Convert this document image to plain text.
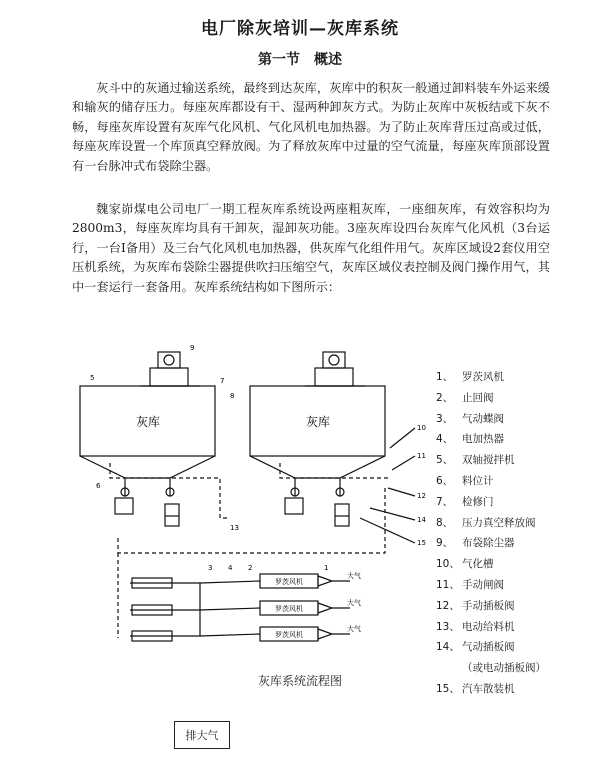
电厂除灰培训—灰库系统
第一节　概述

灰斗中的灰通过输送系统，最终到达灰库，灰库中的积灰一般通过卸料装车外运来缓和输灰的储存压力。每座灰库都设有干、湿两种卸灰方式。为防止灰库中灰板结或下灰不畅，每座灰库设置有灰库气化风机、气化风机电加热器。为了防止灰库背压过高或过低，每座灰库设置一个库顶真空释放阀。为了释放灰库中过量的空气流量，每座灰库顶部设置有一台脉冲式布袋除尘器。

魏家峁煤电公司电厂一期工程灰库系统设两座粗灰库，一座细灰库，有效容积均为2800m3，每座灰库均具有干卸灰，湿卸灰功能。3座灰库设四台灰库气化风机（3台运行，一台I备用）及三台气化风机电加热器，供灰库气化组件用气。灰库区域设2套仪用空压机系统，为灰库布袋除尘器提供吹扫压缩空气，灰库区域仪表控制及阀门操作用气，其中一套运行一套备用。灰库系统结构如下图所示：

灰库	灰库
罗茨风机
罗茨风机
罗茨风机
大气
大气
大气
10
11
12
14
15
4
3	2	1
5
6
7
8
9
13
1、 罗茨风机
2、 止回阀
3、 气动蝶阀
4、 电加热器
5、 双轴搅拌机
6、 料位计
7、 检修门
8、 压力真空释放阀
9、 布袋除尘器
10、 气化槽
11、 手动闸阀
12、 手动插板阀
13、 电动给料机
14、 气动插板阀
（或电动插板阀）
15、 汽车散装机
灰库系统流程图
排大气
